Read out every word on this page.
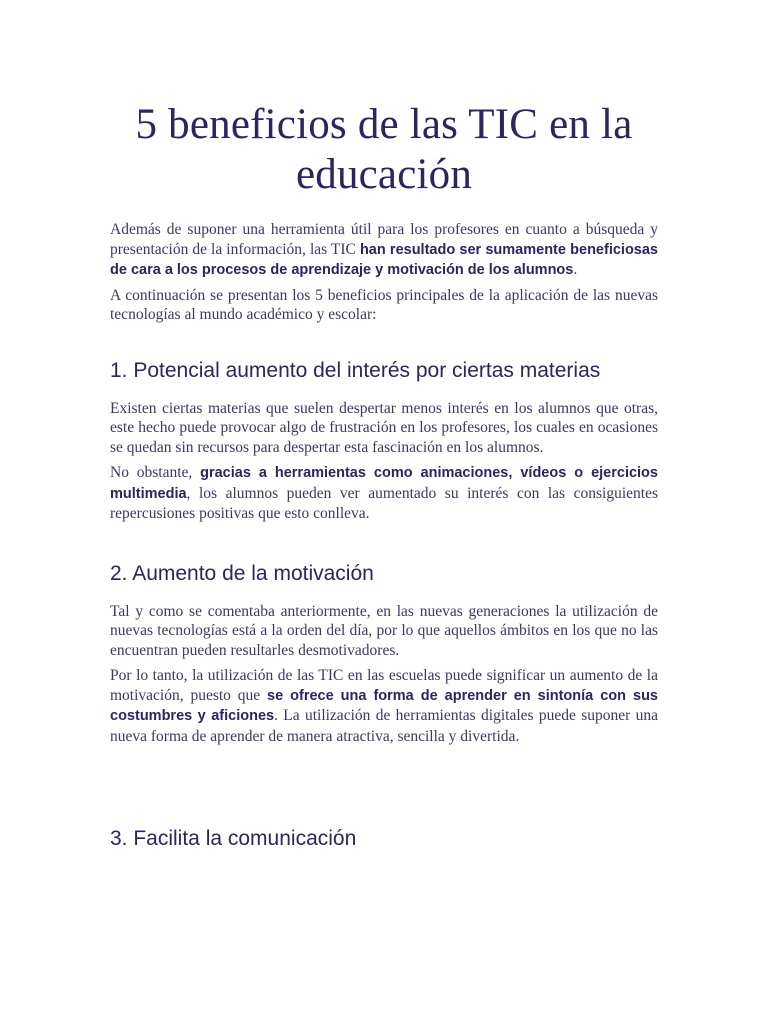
5 beneficios de las TIC en la educación

Además de suponer una herramienta útil para los profesores en cuanto a búsqueda y presentación de la información, las TIC han resultado ser sumamente beneficiosas de cara a los procesos de aprendizaje y motivación de los alumnos.

A continuación se presentan los 5 beneficios principales de la aplicación de las nuevas tecnologías al mundo académico y escolar:

1. Potencial aumento del interés por ciertas materias

Existen ciertas materias que suelen despertar menos interés en los alumnos que otras, este hecho puede provocar algo de frustración en los profesores, los cuales en ocasiones se quedan sin recursos para despertar esta fascinación en los alumnos.

No obstante, gracias a herramientas como animaciones, vídeos o ejercicios multimedia, los alumnos pueden ver aumentado su interés con las consiguientes repercusiones positivas que esto conlleva.

2. Aumento de la motivación

Tal y como se comentaba anteriormente, en las nuevas generaciones la utilización de nuevas tecnologías está a la orden del día, por lo que aquellos ámbitos en los que no las encuentran pueden resultarles desmotivadores.

Por lo tanto, la utilización de las TIC en las escuelas puede significar un aumento de la motivación, puesto que se ofrece una forma de aprender en sintonía con sus costumbres y aficiones. La utilización de herramientas digitales puede suponer una nueva forma de aprender de manera atractiva, sencilla y divertida.

3. Facilita la comunicación
